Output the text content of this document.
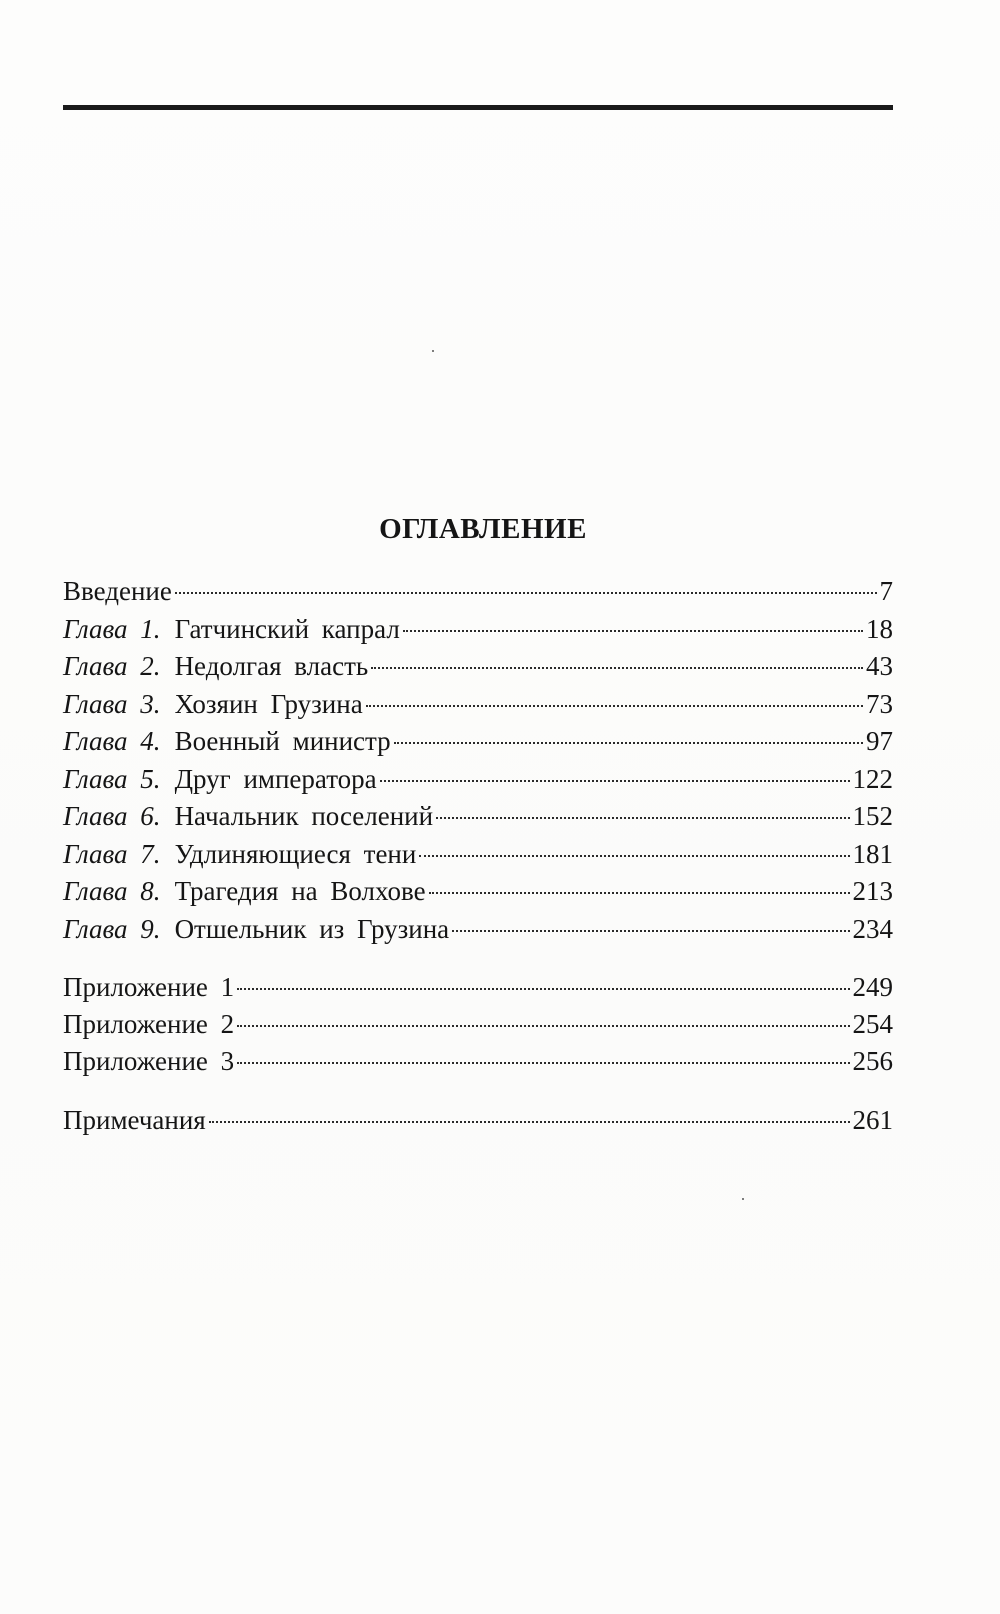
ОГЛАВЛЕНИЕ
Введение	7
Глава 1. Гатчинский капрал	18
Глава 2. Недолгая власть	43
Глава 3. Хозяин Грузина	73
Глава 4. Военный министр	97
Глава 5. Друг императора	122
Глава 6. Начальник поселений	152
Глава 7. Удлиняющиеся тени	181
Глава 8. Трагедия на Волхове	213
Глава 9. Отшельник из Грузина	234
Приложение 1	249
Приложение 2	254
Приложение 3	256
Примечания	261
